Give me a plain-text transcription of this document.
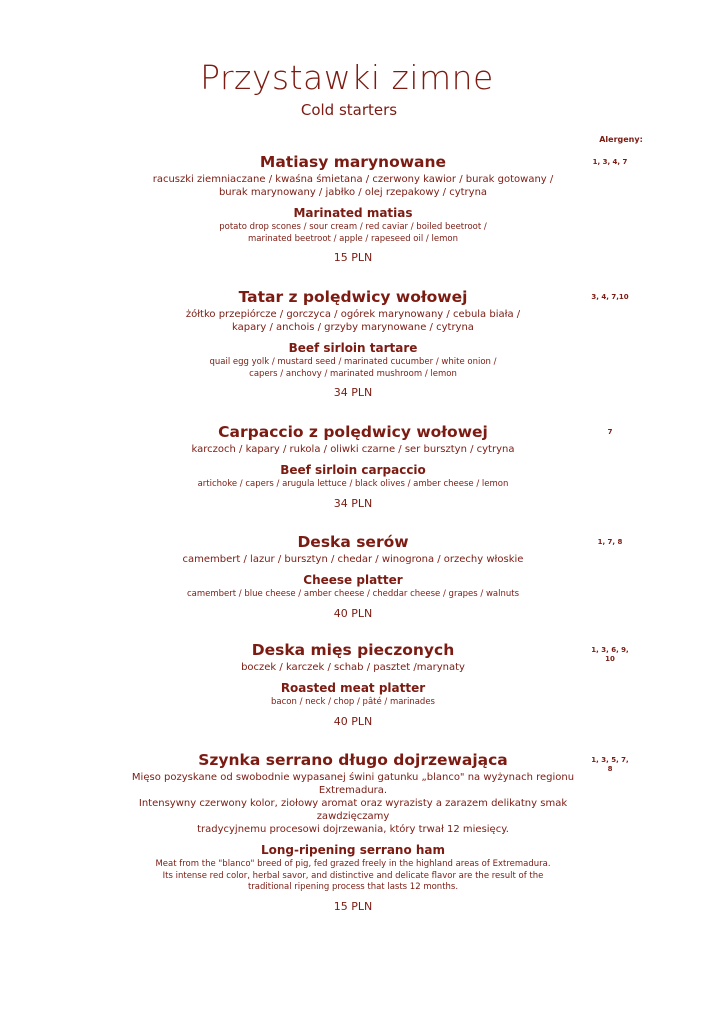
Przystawki zimne
Cold starters
Alergeny:
Matiasy marynowane
racuszki ziemniaczane / kwaśna śmietana / czerwony kawior / burak gotowany /
burak marynowany / jabłko / olej rzepakowy / cytryna
Marinated matias
potato drop scones / sour cream / red caviar / boiled beetroot /
marinated beetroot / apple / rapeseed oil / lemon
15 PLN
1, 3, 4, 7
Tatar z polędwicy wołowej
żółtko przepiórcze / gorczyca / ogórek marynowany / cebula biała /
kapary / anchois / grzyby marynowane / cytryna
Beef sirloin tartare
quail egg yolk / mustard seed / marinated cucumber / white onion /
capers / anchovy / marinated mushroom / lemon
34 PLN
3, 4, 7,10
Carpaccio z polędwicy wołowej
karczoch / kapary / rukola / oliwki czarne / ser bursztyn / cytryna
Beef sirloin carpaccio
artichoke / capers / arugula lettuce / black olives / amber cheese / lemon
34 PLN
7
Deska serów
camembert / lazur / bursztyn / chedar / winogrona / orzechy włoskie
Cheese platter
camembert / blue cheese / amber cheese / cheddar cheese / grapes / walnuts
40 PLN
1, 7, 8
Deska mięs pieczonych
boczek / karczek / schab / pasztet /marynaty
Roasted meat platter
bacon / neck / chop / pâté / marinades
40 PLN
1, 3, 6, 9,
10
Szynka serrano długo dojrzewająca
Mięso pozyskane od swobodnie wypasanej świni gatunku „blanco" na wyżynach regionu Extremadura.
Intensywny czerwony kolor, ziołowy aromat oraz wyrazisty a zarazem delikatny smak zawdzięczamy
tradycyjnemu procesowi dojrzewania, który trwał 12 miesięcy.
Long-ripening serrano ham
Meat from the "blanco" breed of pig, fed grazed freely in the highland areas of Extremadura.
Its intense red color, herbal savor, and distinctive and delicate flavor are the result of the
traditional ripening process that lasts 12 months.
15 PLN
1, 3, 5, 7,
8
